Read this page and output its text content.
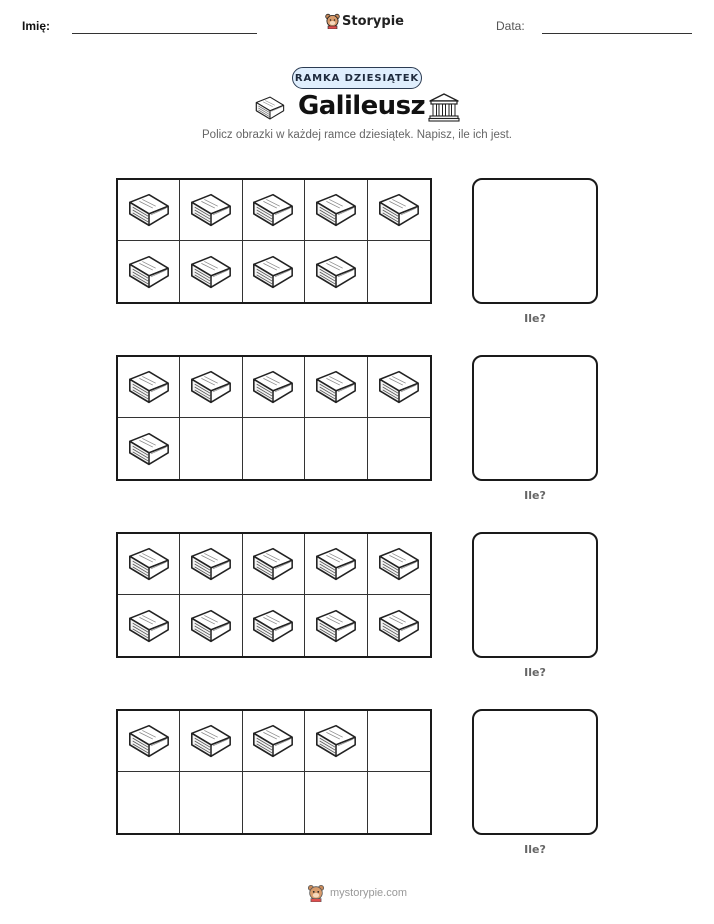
Imię:	Storypie	Data:
RAMKA DZIESIĄTEK
Galileusz

Policz obrazki w każdej ramce dziesiątek. Napisz, ile ich jest.

Ile?
Ile?
Ile?
Ile?
mystorypie.com
